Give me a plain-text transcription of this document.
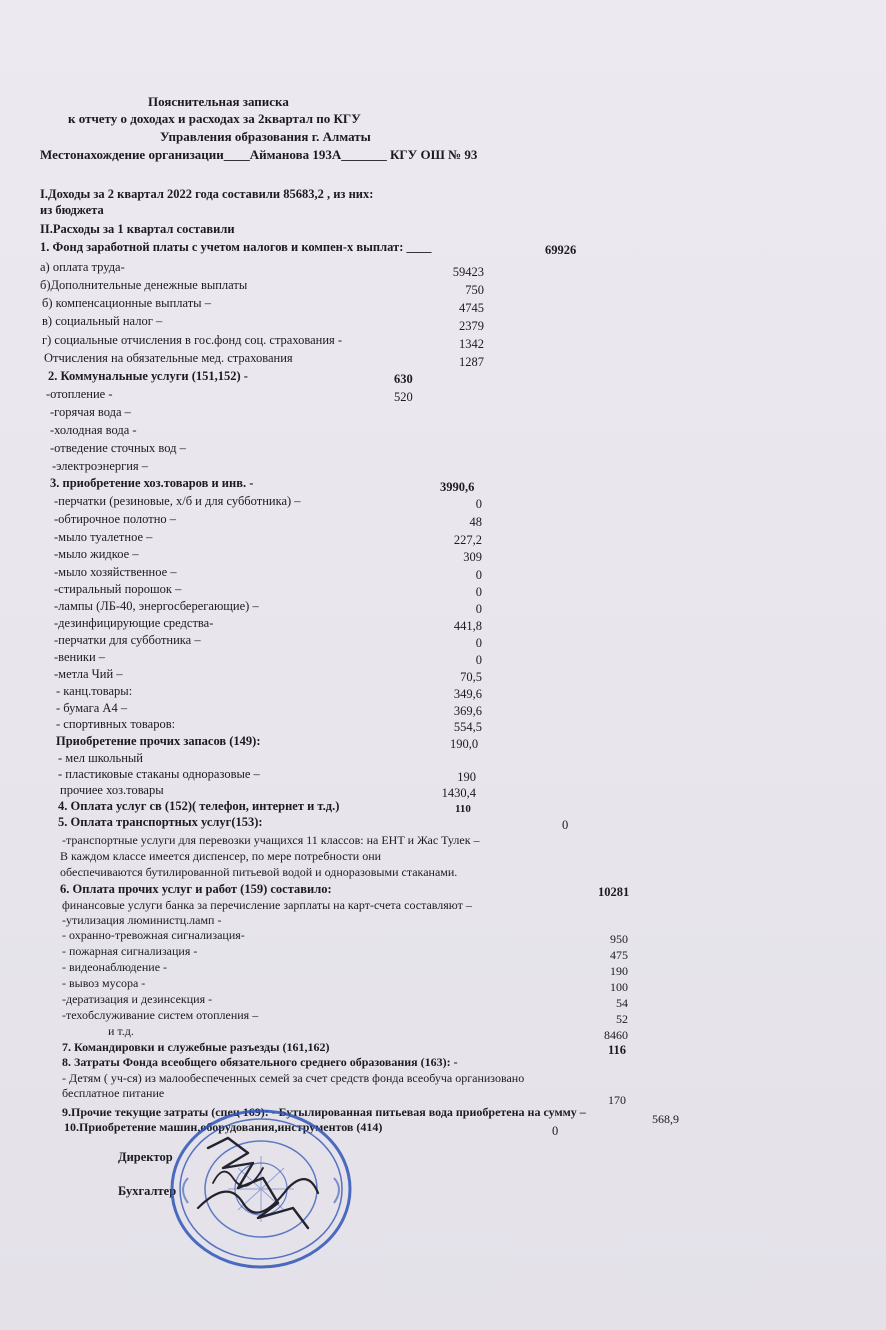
Пояснительная записка
к отчету о доходах и расходах за 2квартал по КГУ
Управления образования г. Алматы
Местонахождение организации____Айманова 193А_______ КГУ ОШ № 93
I.Доходы за 2 квартал 2022 года составили 85683,2 , из них:
из бюджета
II.Расходы за 1 квартал составили
1. Фонд заработной платы с учетом налогов и компен-х выплат: ____	69926
а) оплата труда-	59423
б)Дополнительные денежные выплаты	750
б) компенсационные выплаты –	4745
в) социальный налог –	2379
г) социальные отчисления в гос.фонд соц. страхования -	1342
Отчисления на обязательные мед. страхования	1287
2. Коммунальные услуги (151,152) -	630
-отопление -	520
-горячая вода –
-холодная вода -
-отведение сточных вод –
-электроэнергия –
3. приобретение хоз.товаров и инв. -	3990,6
-перчатки (резиновые, х/б и для субботника) –	0
-обтирочное полотно –	48
-мыло туалетное –	227,2
-мыло жидкое –	309
-мыло хозяйственное –	0
-стиральный порошок –	0
-лампы (ЛБ-40, энергосберегающие) –	0
-дезинфицирующие средства-	441,8
-перчатки для субботника –	0
-веники –	0
-метла Чий –	70,5
- канц.товары:	349,6
- бумага А4 –	369,6
- спортивных товаров:	554,5
Приобретение прочих запасов (149):	190,0
- мел школьный
- пластиковые стаканы одноразовые –	190
прочиее хоз.товары	1430,4
4. Оплата услуг св (152)( телефон, интернет и т.д.)	110
5. Оплата транспортных услуг(153):	0
-транспортные услуги для перевозки учащихся 11 классов: на ЕНТ и Жас Тулек –
В каждом классе имеется диспенсер, по мере потребности они
обеспечиваются бутилированной питьевой водой и одноразовыми стаканами.
6. Оплата прочих услуг и работ (159) составило:	10281
финансовые услуги банка за перечисление зарплаты на карт-счета составляют –
-утилизация люминистц.ламп -
- охранно-тревожная сигнализация-	950
- пожарная сигнализация -	475
- видеонаблюдение -	190
- вывоз мусора -	100
-дератизация и дезинсекция -	54
-техобслуживание систем отопления –	52
и т.д.	8460
7. Командировки и служебные разъезды (161,162)	116
8. Затраты Фонда всеобщего обязательного среднего образования (163): -
- Детям ( уч-ся) из малообеспеченных семей за счет средств фонда всеобуча организовано
бесплатное питание	170
9.Прочие текущие затраты (спец 169): - Бутылированная питьевая вода приобретена на сумму –	568,9
10.Приобретение машин,оборудования,инструментов (414)	0
Директор
Бухгалтер
